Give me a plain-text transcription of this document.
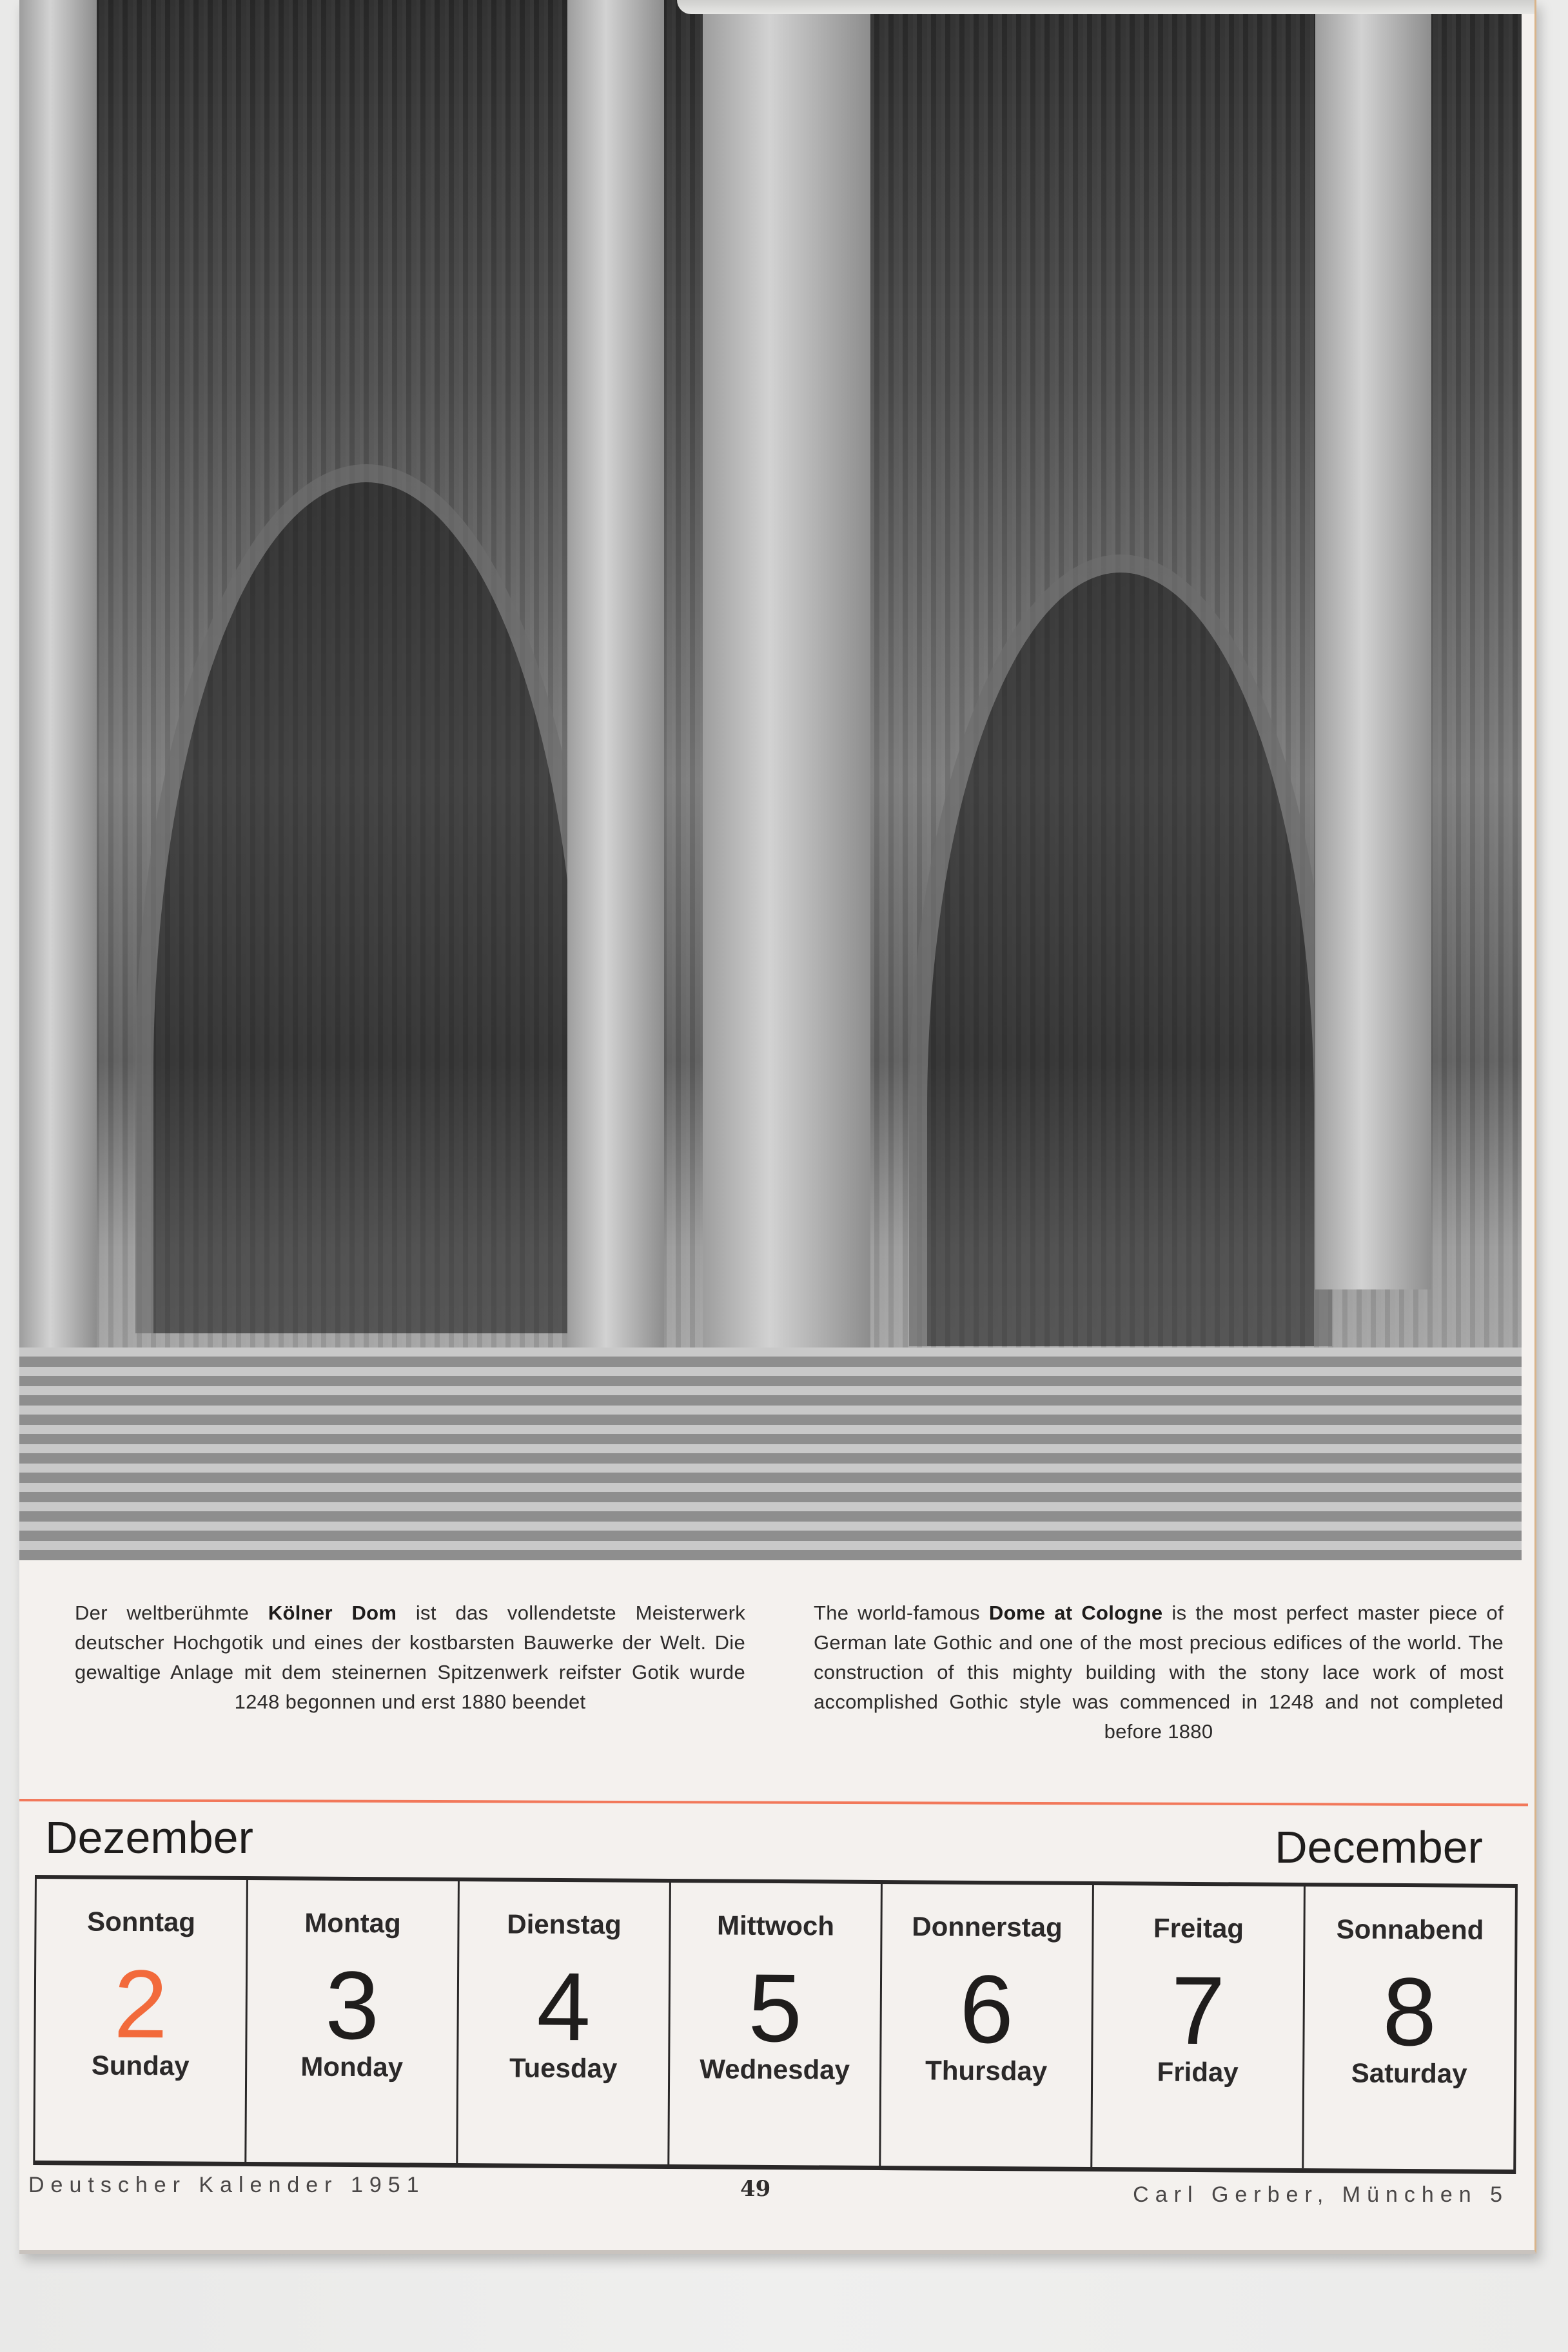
Der weltberühmte Kölner Dom ist das vollendetste Meisterwerk deutscher Hochgotik und eines der kostbarsten Bauwerke der Welt. Die gewaltige Anlage mit dem steinernen Spitzenwerk reifster Gotik wurde 1248 begonnen und erst 1880 beendet

The world-famous Dome at Cologne is the most perfect master piece of German late Gothic and one of the most precious edifices of the world. The construction of this mighty building with the stony lace work of most accomplished Gothic style was commenced in 1248 and not completed before 1880

Dezember	December
Sonntag
2
Sunday
Montag
3
Monday
Dienstag
4
Tuesday
Mittwoch
5
Wednesday
Donnerstag
6
Thursday
Freitag
7
Friday
Sonnabend
8
Saturday
Deutscher Kalender 1951	49	Carl Gerber, München 5
